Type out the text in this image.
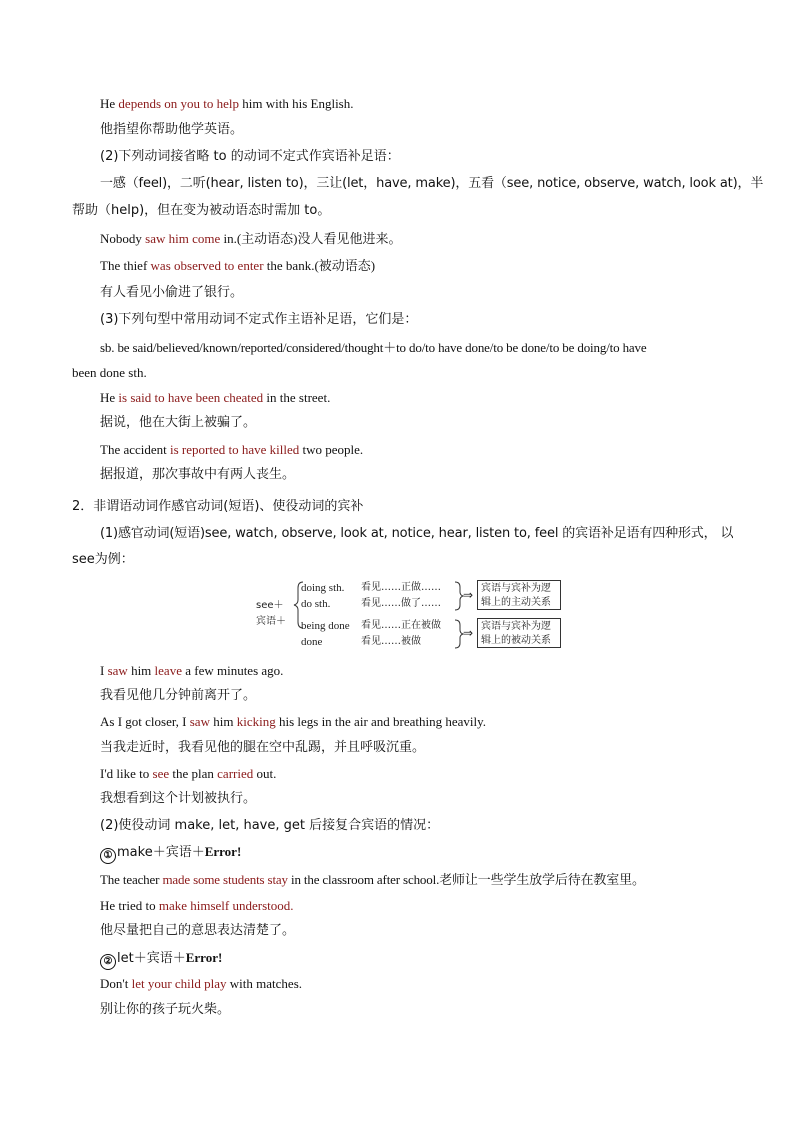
He depends on you to help him with his English.
他指望你帮助他学英语。
(2)下列动词接省略 to 的动词不定式作宾语补足语：
一感（feel)，二听(hear, listen to)，三让(let，have, make)，五看（see, notice, observe, watch, look at)，半
帮助（help)，但在变为被动语态时需加 to。
Nobody saw him come in.(主动语态)没人看见他进来。
The thief was observed to enter the bank.(被动语态)
有人看见小偷进了银行。
(3)下列句型中常用动词不定式作主语补足语，它们是：
sb. be said/believed/known/reported/considered/thought＋to do/to have done/to be done/to be doing/to have
been done sth.
He is said to have been cheated in the street.
据说，他在大街上被骗了。
The accident is reported to have killed two people.
据报道，那次事故中有两人丧生。
2．非谓语动词作感官动词(短语)、使役动词的宾补
(1)感官动词(短语)see, watch, observe, look at, notice, hear, listen to, feel 的宾语补足语有四种形式， 以
see为例：
see＋
宾语＋
doing sth.
do sth.
being done
done
看见……正做……
看见……做了……
看见……正在被做
看见……被做
⇒
⇒
宾语与宾补为逻辑上的主动关系
宾语与宾补为逻辑上的被动关系
I saw him leave a few minutes ago.
我看见他几分钟前离开了。
As I got closer, I saw him kicking his legs in the air and breathing heavily.
当我走近时，我看见他的腿在空中乱踢，并且呼吸沉重。
I'd like to see the plan carried out.
我想看到这个计划被执行。
(2)使役动词 make, let, have, get 后接复合宾语的情况：
① make＋宾语＋Error!
The teacher made some students stay in the classroom after school.老师让一些学生放学后待在教室里。
He tried to make himself understood.
他尽量把自己的意思表达清楚了。
② let＋宾语＋Error!
Don't let your child play with matches.
别让你的孩子玩火柴。
